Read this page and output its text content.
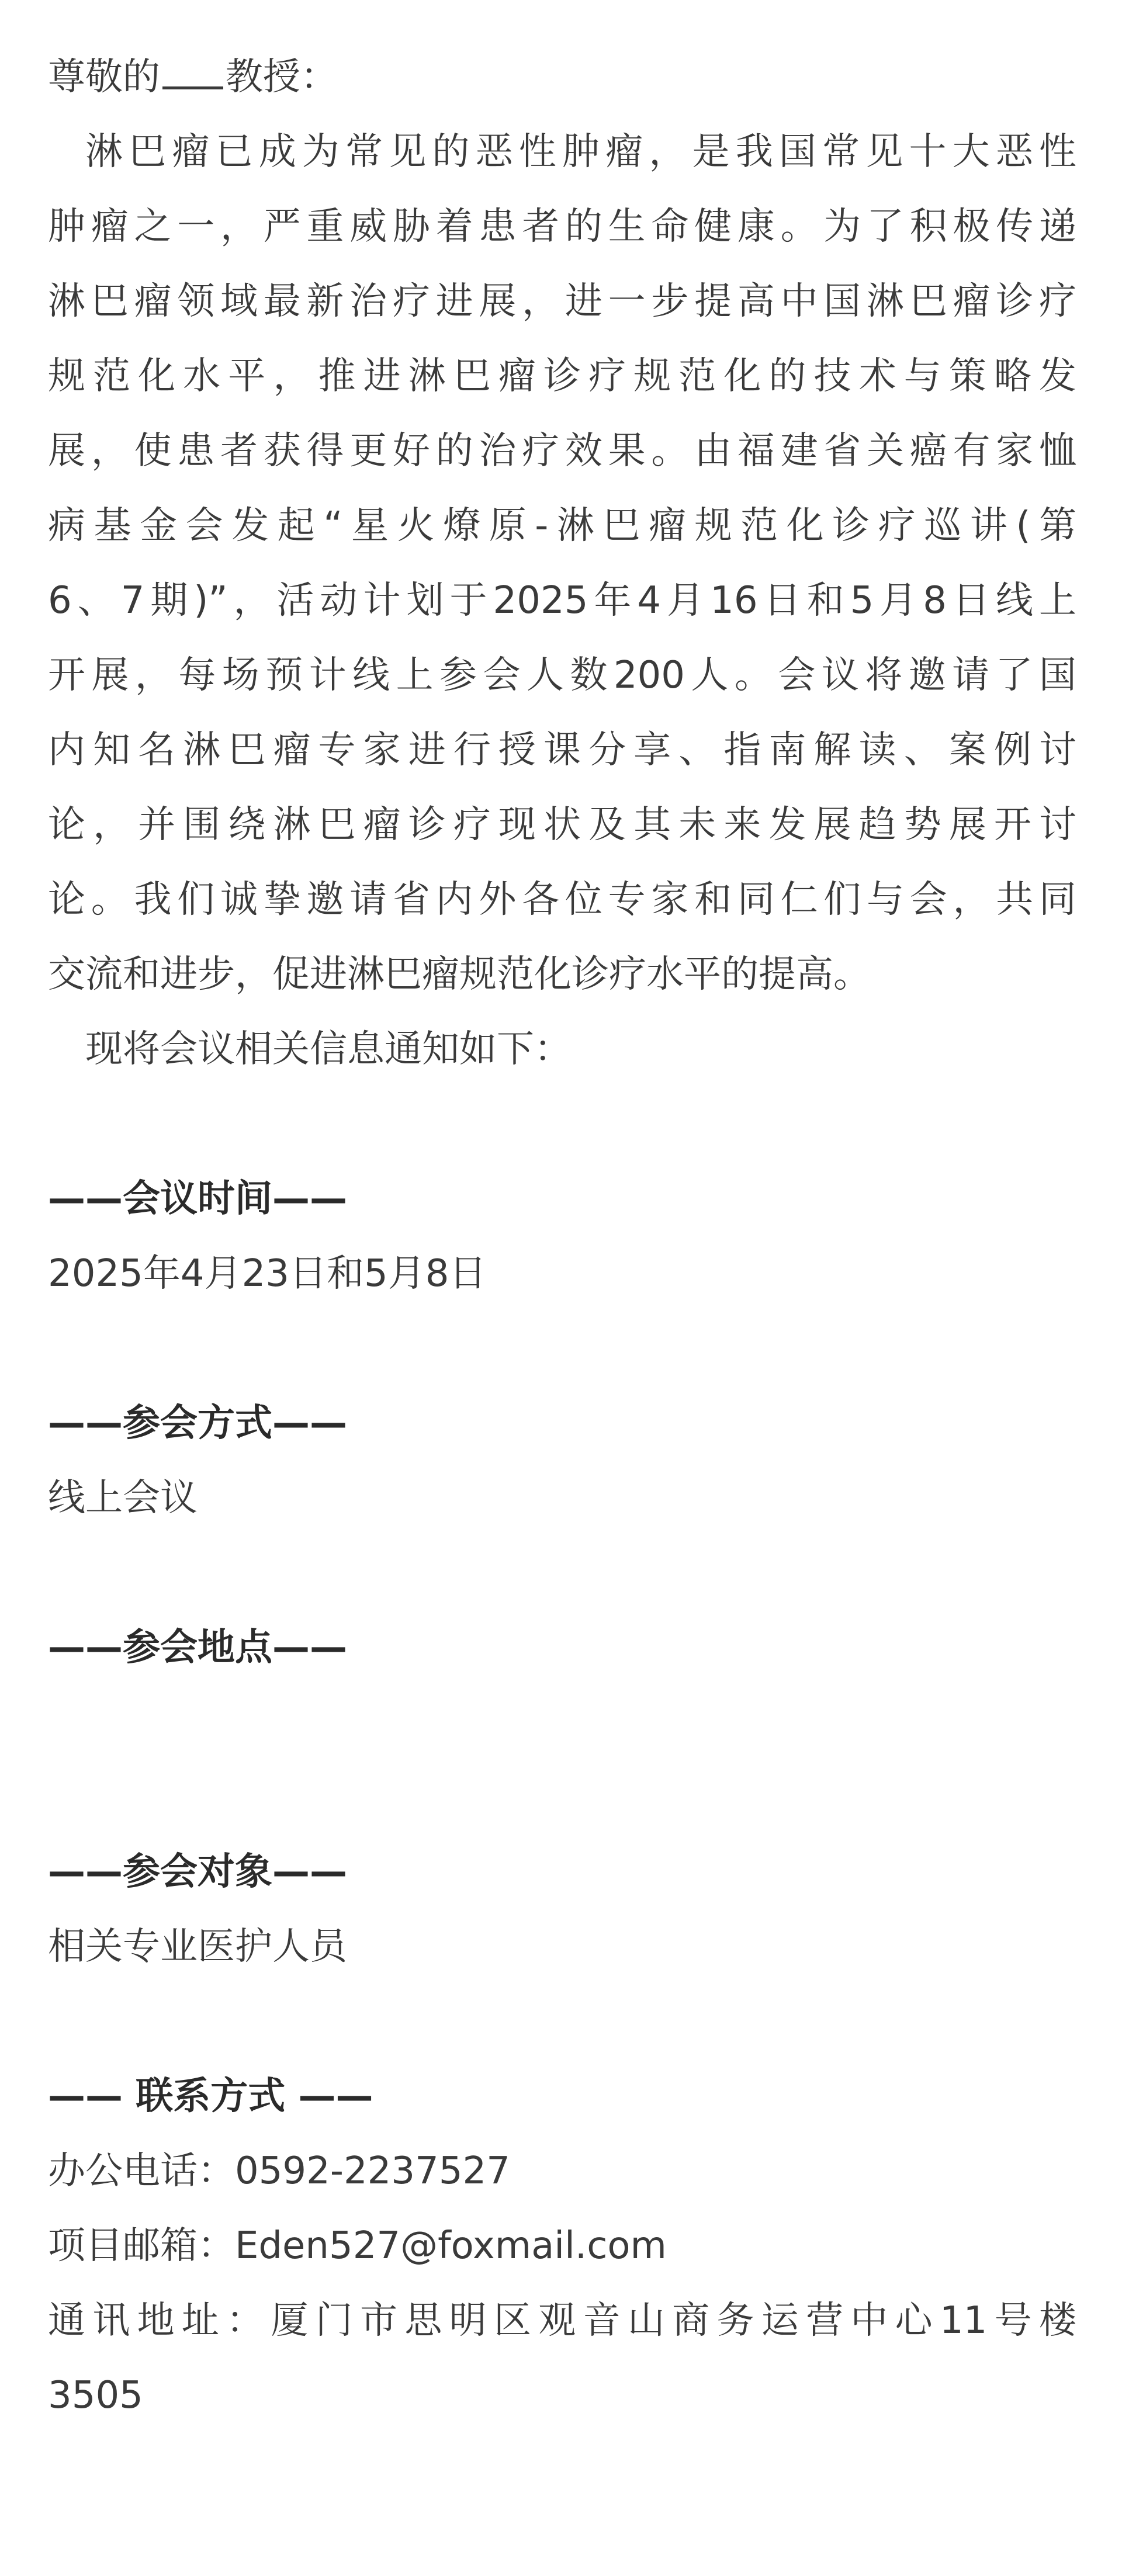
尊敬的 教授：
淋巴瘤已成为常见的恶性肿瘤，是我国常见十大恶性
肿瘤之一，严重威胁着患者的生命健康。为了积极传递
淋巴瘤领域最新治疗进展，进一步提高中国淋巴瘤诊疗
规范化水平，推进淋巴瘤诊疗规范化的技术与策略发
展，使患者获得更好的治疗效果。由福建省关癌有家恤
病基金会发起“星火燎原-淋巴瘤规范化诊疗巡讲(第
6、7期)”，活动计划于2025年4月16日和5月8日线上
开展，每场预计线上参会人数200人。会议将邀请了国
内知名淋巴瘤专家进行授课分享、指南解读、案例讨
论，并围绕淋巴瘤诊疗现状及其未来发展趋势展开讨
论。我们诚挚邀请省内外各位专家和同仁们与会，共同
交流和进步，促进淋巴瘤规范化诊疗水平的提高。
现将会议相关信息通知如下：
——会议时间——
2025年4月23日和5月8日
——参会方式——
线上会议
——参会地点——
——参会对象——
相关专业医护人员
—— 联系方式 ——
办公电话：0592-2237527
项目邮箱：Eden527@foxmail.com
通讯地址：厦门市思明区观音山商务运营中心11号楼
3505
